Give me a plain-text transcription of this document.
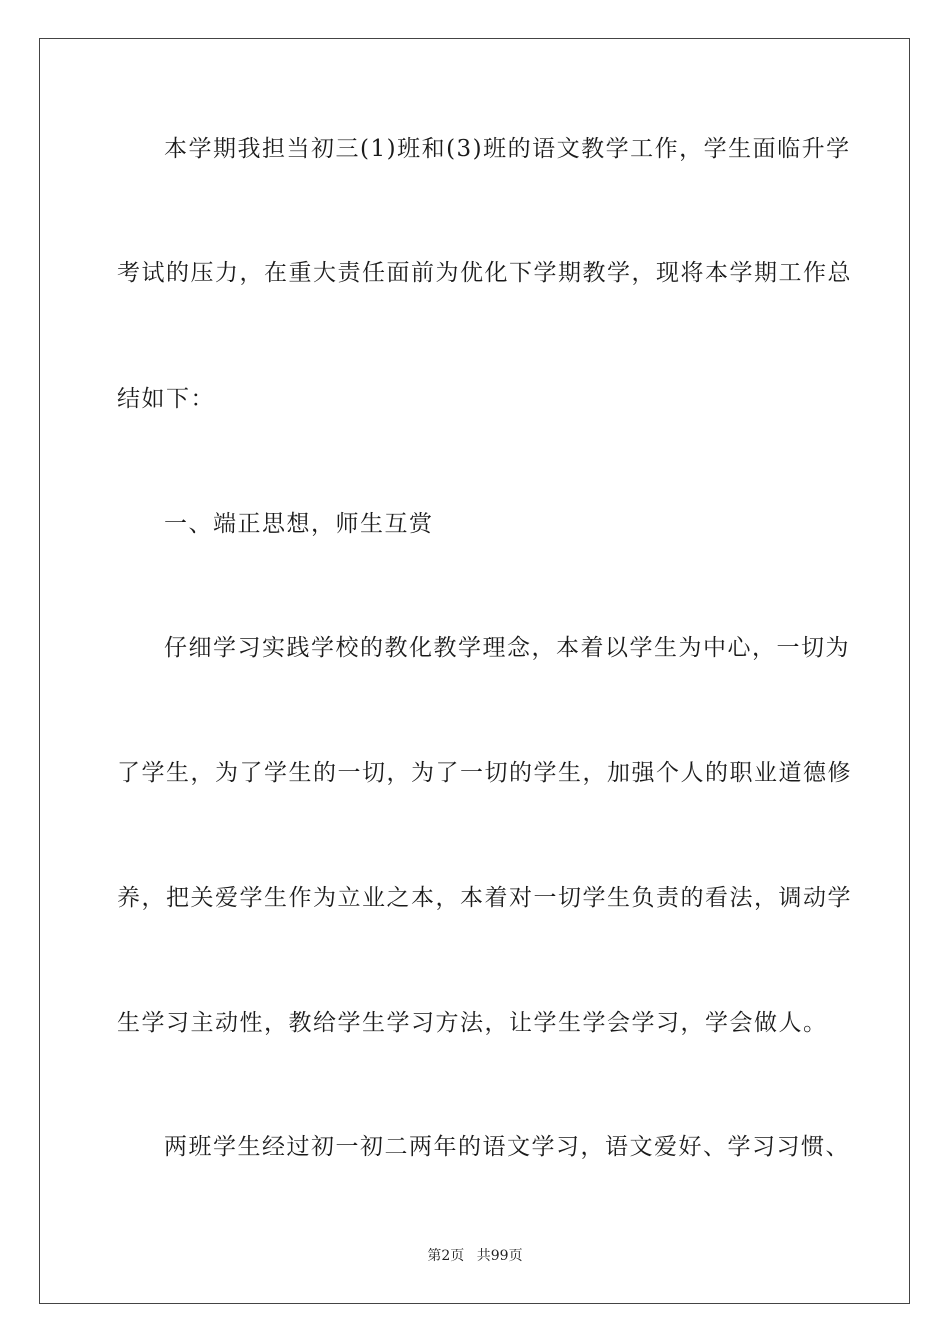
本学期我担当初三(1)班和(3)班的语文教学工作，学生面临升学
考试的压力，在重大责任面前为优化下学期教学，现将本学期工作总
结如下：
一、端正思想，师生互赏
仔细学习实践学校的教化教学理念，本着以学生为中心，一切为
了学生，为了学生的一切，为了一切的学生，加强个人的职业道德修
养，把关爱学生作为立业之本，本着对一切学生负责的看法，调动学
生学习主动性，教给学生学习方法，让学生学会学习，学会做人。
两班学生经过初一初二两年的语文学习，语文爱好、学习习惯、
第2页 共99页
